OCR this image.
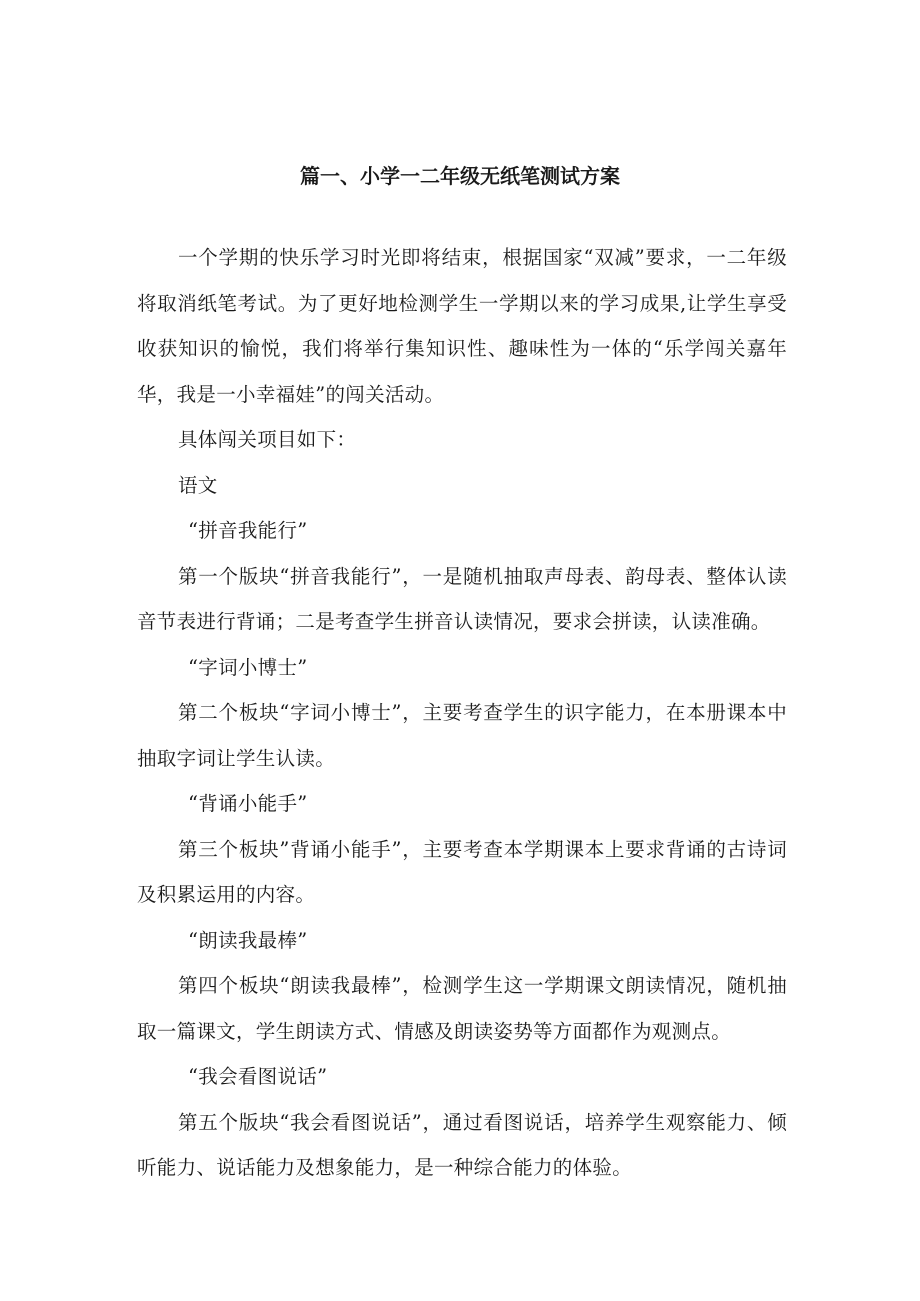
篇一、小学一二年级无纸笔测试方案

一个学期的快乐学习时光即将结束，根据国家“双减”要求，一二年级将取消纸笔考试。为了更好地检测学生一学期以来的学习成果,让学生享受收获知识的愉悦，我们将举行集知识性、趣味性为一体的“乐学闯关嘉年华，我是一小幸福娃”的闯关活动。

具体闯关项目如下：

语文

“拼音我能行”

第一个版块“拼音我能行”，一是随机抽取声母表、韵母表、整体认读音节表进行背诵；二是考查学生拼音认读情况，要求会拼读，认读准确。

“字词小博士”

第二个板块“字词小博士”，主要考查学生的识字能力，在本册课本中抽取字词让学生认读。

“背诵小能手”

第三个板块”背诵小能手”，主要考查本学期课本上要求背诵的古诗词及积累运用的内容。

“朗读我最棒”

第四个板块“朗读我最棒”，检测学生这一学期课文朗读情况，随机抽取一篇课文，学生朗读方式、情感及朗读姿势等方面都作为观测点。

“我会看图说话”

第五个版块“我会看图说话”，通过看图说话，培养学生观察能力、倾听能力、说话能力及想象能力，是一种综合能力的体验。
